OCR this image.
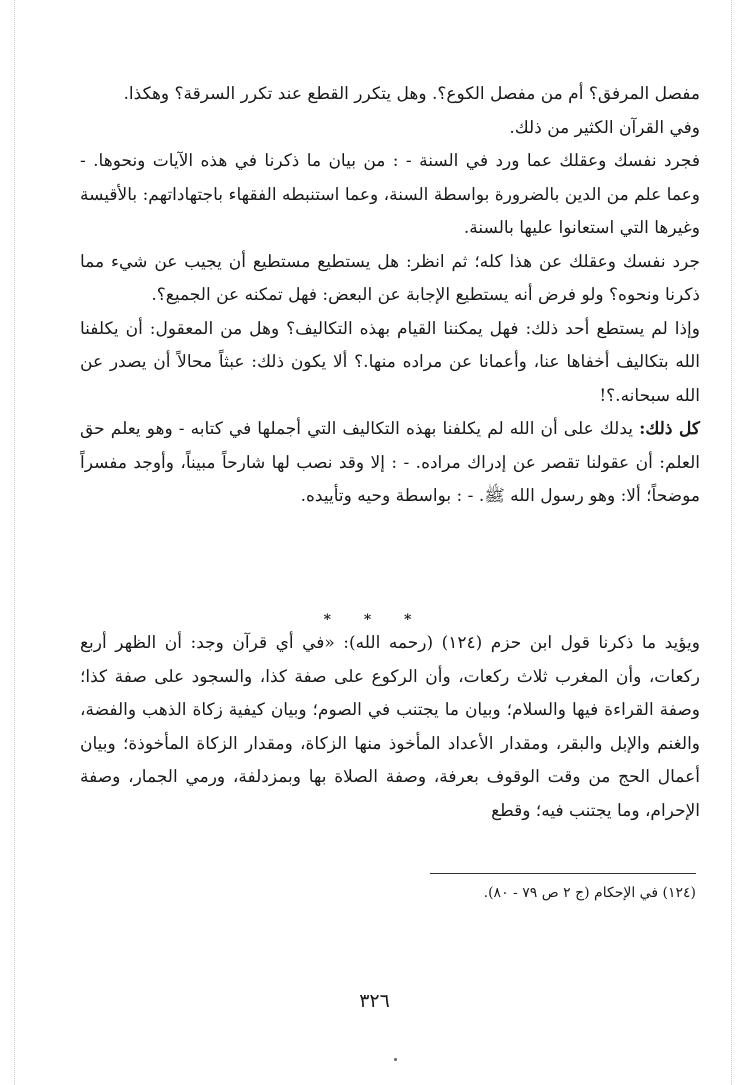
مفصل المرفق؟ أم من مفصل الكوع؟. وهل يتكرر القطع عند تكرر السرقة؟ وهكذا.

وفي القرآن الكثير من ذلك.

فجرد نفسك وعقلك عما ورد في السنة - : من بيان ما ذكرنا في هذه الآيات ونحوها. - وعما علم من الدين بالضرورة بواسطة السنة، وعما استنبطه الفقهاء باجتهاداتهم: بالأقيسة وغيرها التي استعانوا عليها بالسنة.

جرد نفسك وعقلك عن هذا كله؛ ثم انظر: هل يستطيع مستطيع أن يجيب عن شيء مما ذكرنا ونحوه؟ ولو فرض أنه يستطيع الإجابة عن البعض: فهل تمكنه عن الجميع؟.

وإذا لم يستطع أحد ذلك: فهل يمكننا القيام بهذه التكاليف؟ وهل من المعقول: أن يكلفنا الله بتكاليف أخفاها عنا، وأعمانا عن مراده منها.؟ ألا يكون ذلك: عبثاً محالاً أن يصدر عن الله سبحانه.؟!

كل ذلك: يدلك على أن الله لم يكلفنا بهذه التكاليف التي أجملها في كتابه - وهو يعلم حق العلم: أن عقولنا تقصر عن إدراك مراده. - : إلا وقد نصب لها شارحاً مبيناً، وأوجد مفسراً موضحاً؛ ألا: وهو رسول الله ﷺ. - : بواسطة وحيه وتأييده.

* * *

ويؤيد ما ذكرنا قول ابن حزم (١٢٤) (رحمه الله): «في أي قرآن وجد: أن الظهر أربع ركعات، وأن المغرب ثلاث ركعات، وأن الركوع على صفة كذا، والسجود على صفة كذا؛ وصفة القراءة فيها والسلام؛ وبيان ما يجتنب في الصوم؛ وبيان كيفية زكاة الذهب والفضة، والغنم والإبل والبقر، ومقدار الأعداد المأخوذ منها الزكاة، ومقدار الزكاة المأخوذة؛ وبيان أعمال الحج من وقت الوقوف بعرفة، وصفة الصلاة بها وبمزدلفة، ورمي الجمار، وصفة الإحرام، وما يجتنب فيه؛ وقطع

(١٢٤) في الإحكام (ج ٢ ص ٧٩ - ٨٠).
٣٢٦
